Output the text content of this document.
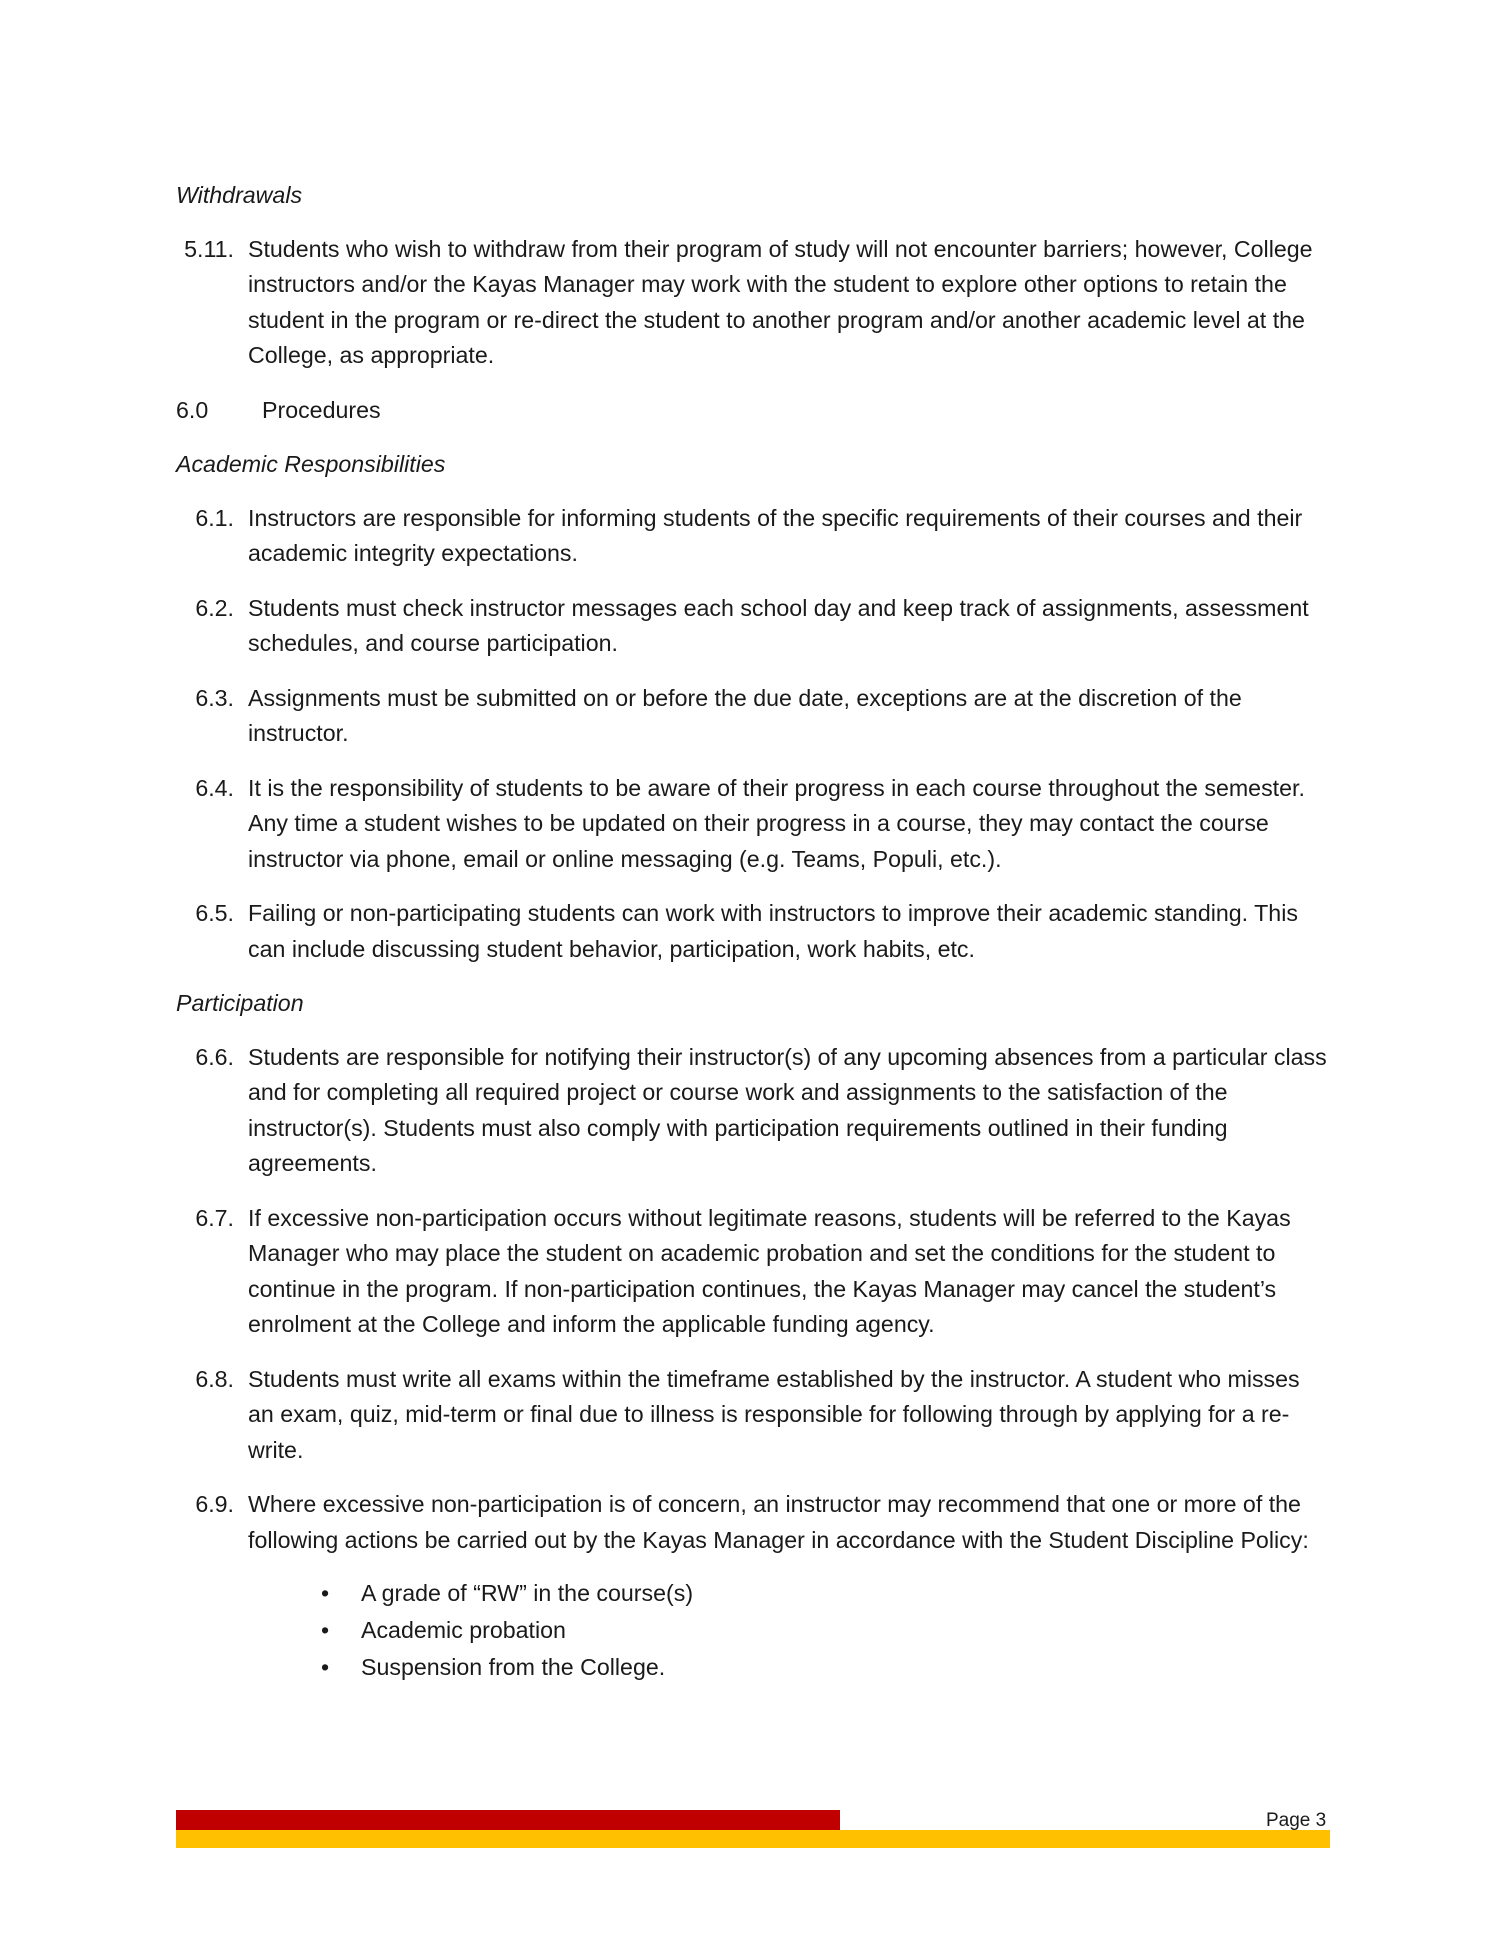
Withdrawals
5.11. Students who wish to withdraw from their program of study will not encounter barriers; however, College instructors and/or the Kayas Manager may work with the student to explore other options to retain the student in the program or re-direct the student to another program and/or another academic level at the College, as appropriate.
6.0	Procedures
Academic Responsibilities
6.1. Instructors are responsible for informing students of the specific requirements of their courses and their academic integrity expectations.
6.2. Students must check instructor messages each school day and keep track of assignments, assessment schedules, and course participation.
6.3. Assignments must be submitted on or before the due date, exceptions are at the discretion of the instructor.
6.4. It is the responsibility of students to be aware of their progress in each course throughout the semester. Any time a student wishes to be updated on their progress in a course, they may contact the course instructor via phone, email or online messaging (e.g. Teams, Populi, etc.).
6.5. Failing or non-participating students can work with instructors to improve their academic standing. This can include discussing student behavior, participation, work habits, etc.
Participation
6.6. Students are responsible for notifying their instructor(s) of any upcoming absences from a particular class and for completing all required project or course work and assignments to the satisfaction of the instructor(s). Students must also comply with participation requirements outlined in their funding agreements.
6.7. If excessive non-participation occurs without legitimate reasons, students will be referred to the Kayas Manager who may place the student on academic probation and set the conditions for the student to continue in the program. If non-participation continues, the Kayas Manager may cancel the student’s enrolment at the College and inform the applicable funding agency.
6.8. Students must write all exams within the timeframe established by the instructor. A student who misses an exam, quiz, mid-term or final due to illness is responsible for following through by applying for a re-write.
6.9. Where excessive non-participation is of concern, an instructor may recommend that one or more of the following actions be carried out by the Kayas Manager in accordance with the Student Discipline Policy:
• A grade of “RW” in the course(s)
• Academic probation
• Suspension from the College.
Page 3
